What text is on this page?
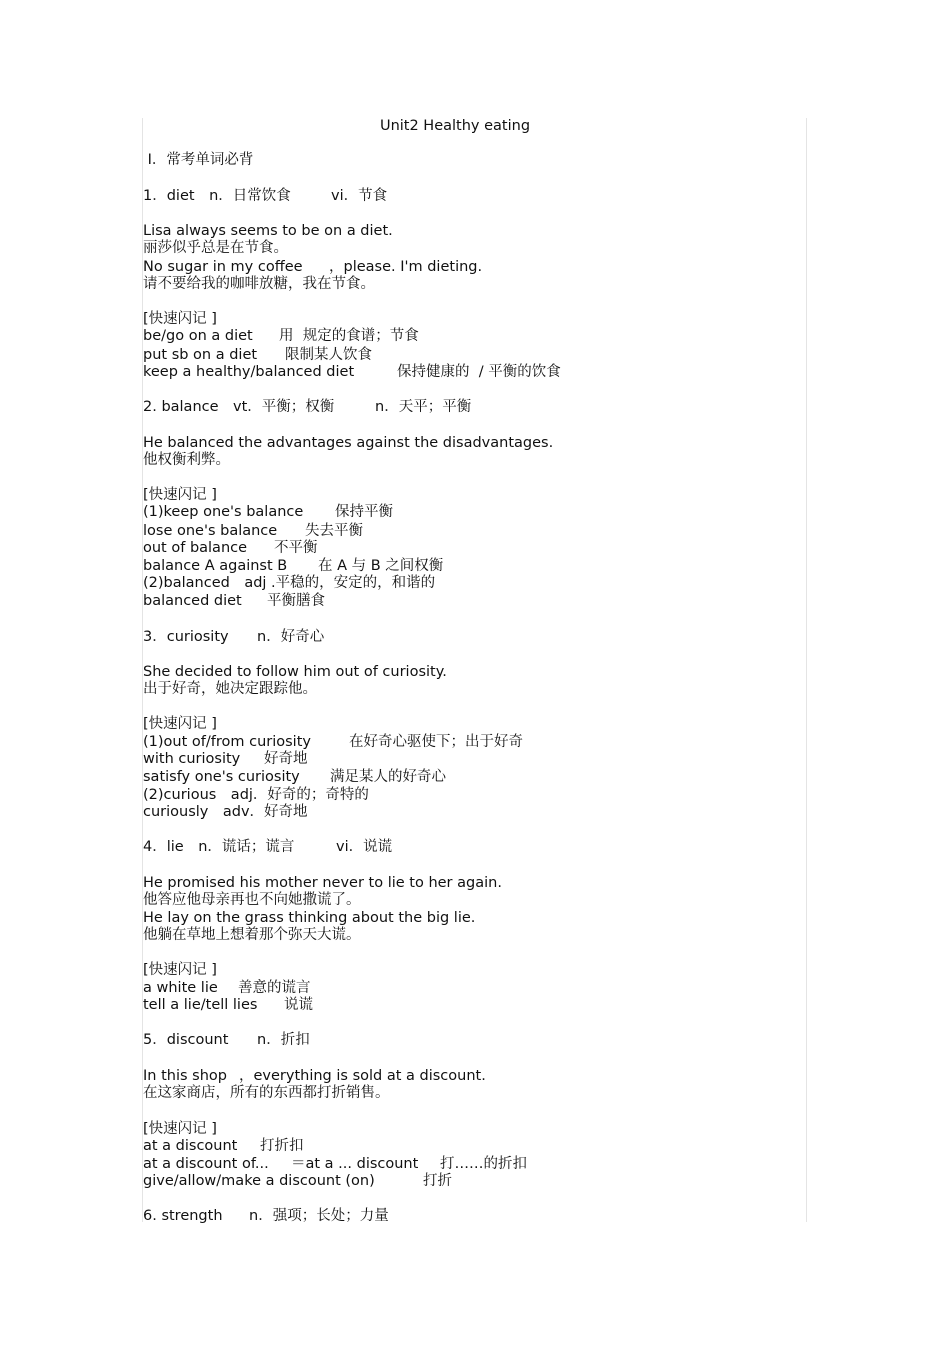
Unit2 Healthy eating
Ⅰ．常考单词必背
1．diet　n．日常饮食	vi．节食
Lisa always seems to be on a diet.
丽莎似乎总是在节食。
No sugar in my coffee ，please. I'm dieting.
请不要给我的咖啡放糖，我在节食。
[快速闪记 ]
be/go on a diet 用  规定的食谱；节食
put sb on a diet 限制某人饮食
keep a healthy/balanced diet	保持健康的  / 平衡的饮食
2. balance　vt．平衡；权衡	n．天平；平衡
He balanced the advantages against the disadvantages.
他权衡利弊。
[快速闪记 ]
(1)keep one's balance 保持平衡
lose one's balance 失去平衡
out of balance 不平衡
balance A against B 在 A 与 B 之间权衡
(2)balanced　adj .平稳的，安定的，和谐的
balanced diet 平衡膳食
3．curiosity n．好奇心
She decided to follow him out of curiosity.
出于好奇，她决定跟踪他。
[快速闪记 ]
(1)out of/from curiosity	在好奇心驱使下；出于好奇
with curiosity 好奇地
satisfy one's curiosity 满足某人的好奇心
(2)curious　adj．好奇的；奇特的
curiously　adv．好奇地
4．lie　n．谎话；谎言	vi．说谎
He promised his mother never to lie to her again.
他答应他母亲再也不向她撒谎了。
He lay on the grass thinking about the big lie.
他躺在草地上想着那个弥天大谎。
[快速闪记 ]
a white lie 善意的谎言
tell a lie/tell lies 说谎
5．discount n．折扣
In this shop ，everything is sold at a discount.
在这家商店，所有的东西都打折销售。
[快速闪记 ]
at a discount 打折扣
at a discount of... ＝at a ... discount 打……的折扣
give/allow/make a discount (on)	打折
6. strength n．强项；长处；力量
